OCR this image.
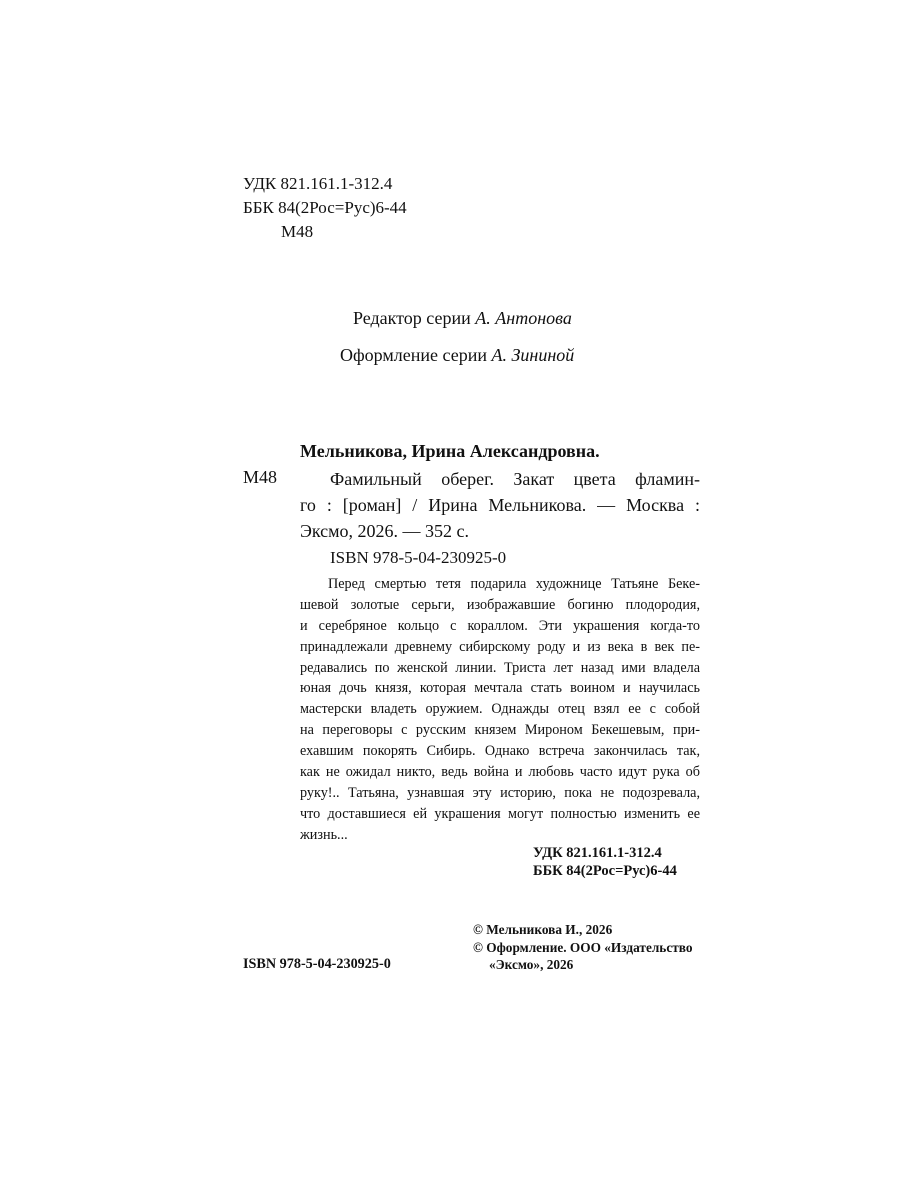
УДК 821.161.1-312.4
ББК 84(2Рос=Рус)6-44
М48
Редактор серии А. Антонова
Оформление серии А. Зининой
Мельникова, Ирина Александровна.
М48	Фамильный оберег. Закат цвета фламин-
го : [роман] / Ирина Мельникова. — Москва :
Эксмо, 2026. — 352 с.
ISBN 978-5-04-230925-0
Перед смертью тетя подарила художнице Татьяне Беке-
шевой золотые серьги, изображавшие богиню плодородия,
и серебряное кольцо с кораллом. Эти украшения когда-то
принадлежали древнему сибирскому роду и из века в век пе-
редавались по женской линии. Триста лет назад ими владела
юная дочь князя, которая мечтала стать воином и научилась
мастерски владеть оружием. Однажды отец взял ее с собой
на переговоры с русским князем Мироном Бекешевым, при-
ехавшим покорять Сибирь. Однако встреча закончилась так,
как не ожидал никто, ведь война и любовь часто идут рука об
руку!.. Татьяна, узнавшая эту историю, пока не подозревала,
что доставшиеся ей украшения могут полностью изменить ее
жизнь...
УДК 821.161.1-312.4
ББК 84(2Рос=Рус)6-44
© Мельникова И., 2026
© Оформление. ООО «Издательство
«Эксмо», 2026
ISBN 978-5-04-230925-0
